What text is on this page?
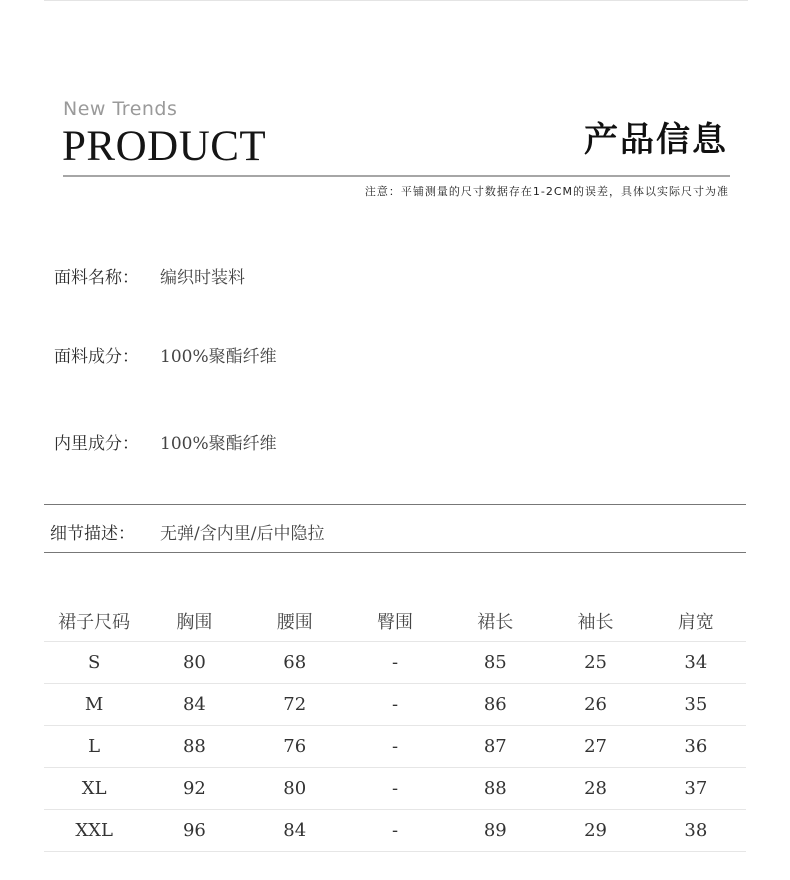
New Trends
PRODUCT	产品信息
注意：平铺测量的尺寸数据存在1-2CM的误差，具体以实际尺寸为准
面料名称： 编织时装料
面料成分： 100%聚酯纤维
内里成分： 100%聚酯纤维
细节描述： 无弹/含内里/后中隐拉
裙子尺码	胸围	腰围	臀围	裙长	袖长	肩宽
S	80	68	-	85	25	34
M	84	72	-	86	26	35
L	88	76	-	87	27	36
XL	92	80	-	88	28	37
XXL	96	84	-	89	29	38
